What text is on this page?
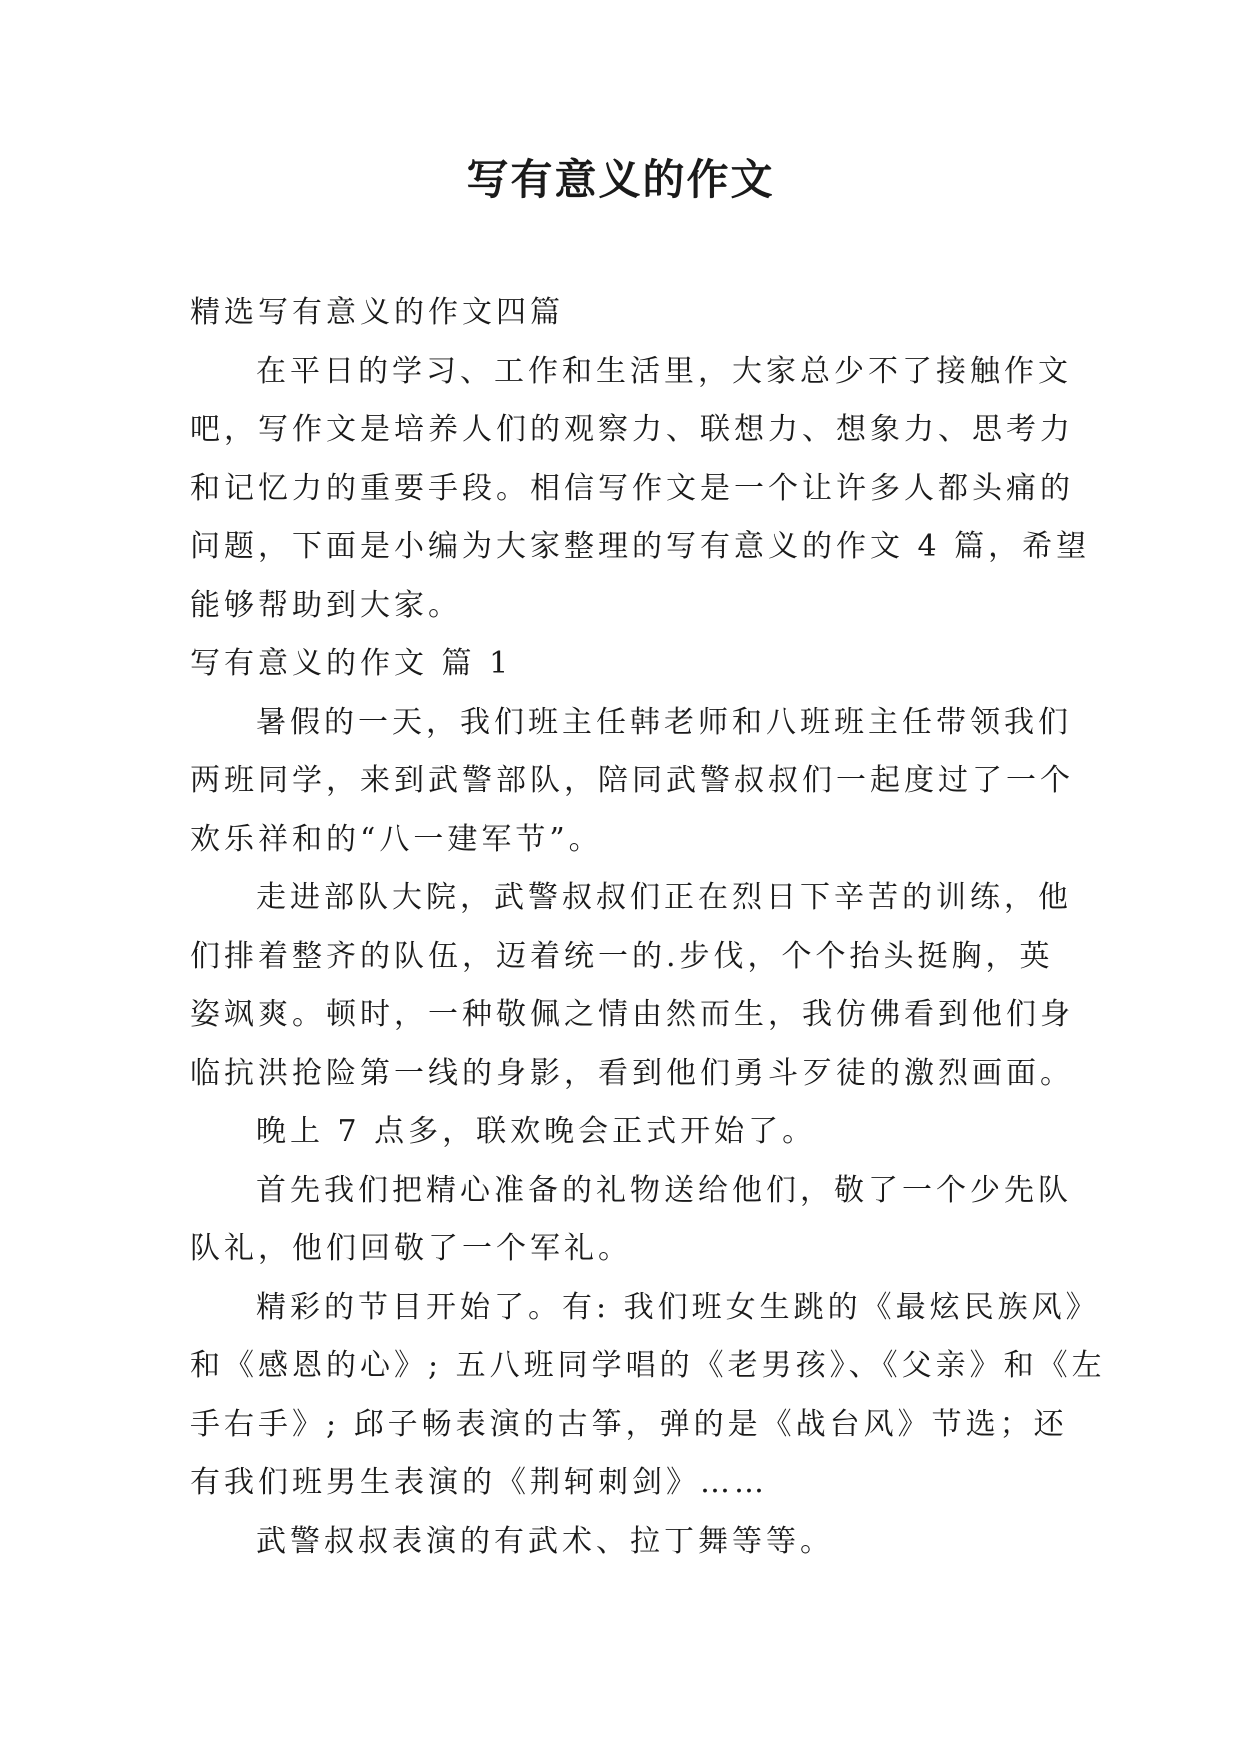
写有意义的作文
精选写有意义的作文四篇
在平日的学习、工作和生活里，大家总少不了接触作文
吧，写作文是培养人们的观察力、联想力、想象力、思考力
和记忆力的重要手段。相信写作文是一个让许多人都头痛的
问题，下面是小编为大家整理的写有意义的作文 4 篇，希望
能够帮助到大家。
写有意义的作文 篇 1
暑假的一天，我们班主任韩老师和八班班主任带领我们
两班同学，来到武警部队，陪同武警叔叔们一起度过了一个
欢乐祥和的“八一建军节”。
走进部队大院，武警叔叔们正在烈日下辛苦的训练，他
们排着整齐的队伍，迈着统一的.步伐，个个抬头挺胸，英
姿飒爽。顿时，一种敬佩之情由然而生，我仿佛看到他们身
临抗洪抢险第一线的身影，看到他们勇斗歹徒的激烈画面。
晚上 7 点多，联欢晚会正式开始了。
首先我们把精心准备的礼物送给他们，敬了一个少先队
队礼，他们回敬了一个军礼。
精彩的节目开始了。有: 我们班女生跳的《最炫民族风》
和《感恩的心》; 五八班同学唱的《老男孩》、《父亲》和《左
手右手》; 邱子畅表演的古筝，弹的是《战台风》节选；还
有我们班男生表演的《荆轲刺剑》……
武警叔叔表演的有武术、拉丁舞等等。
